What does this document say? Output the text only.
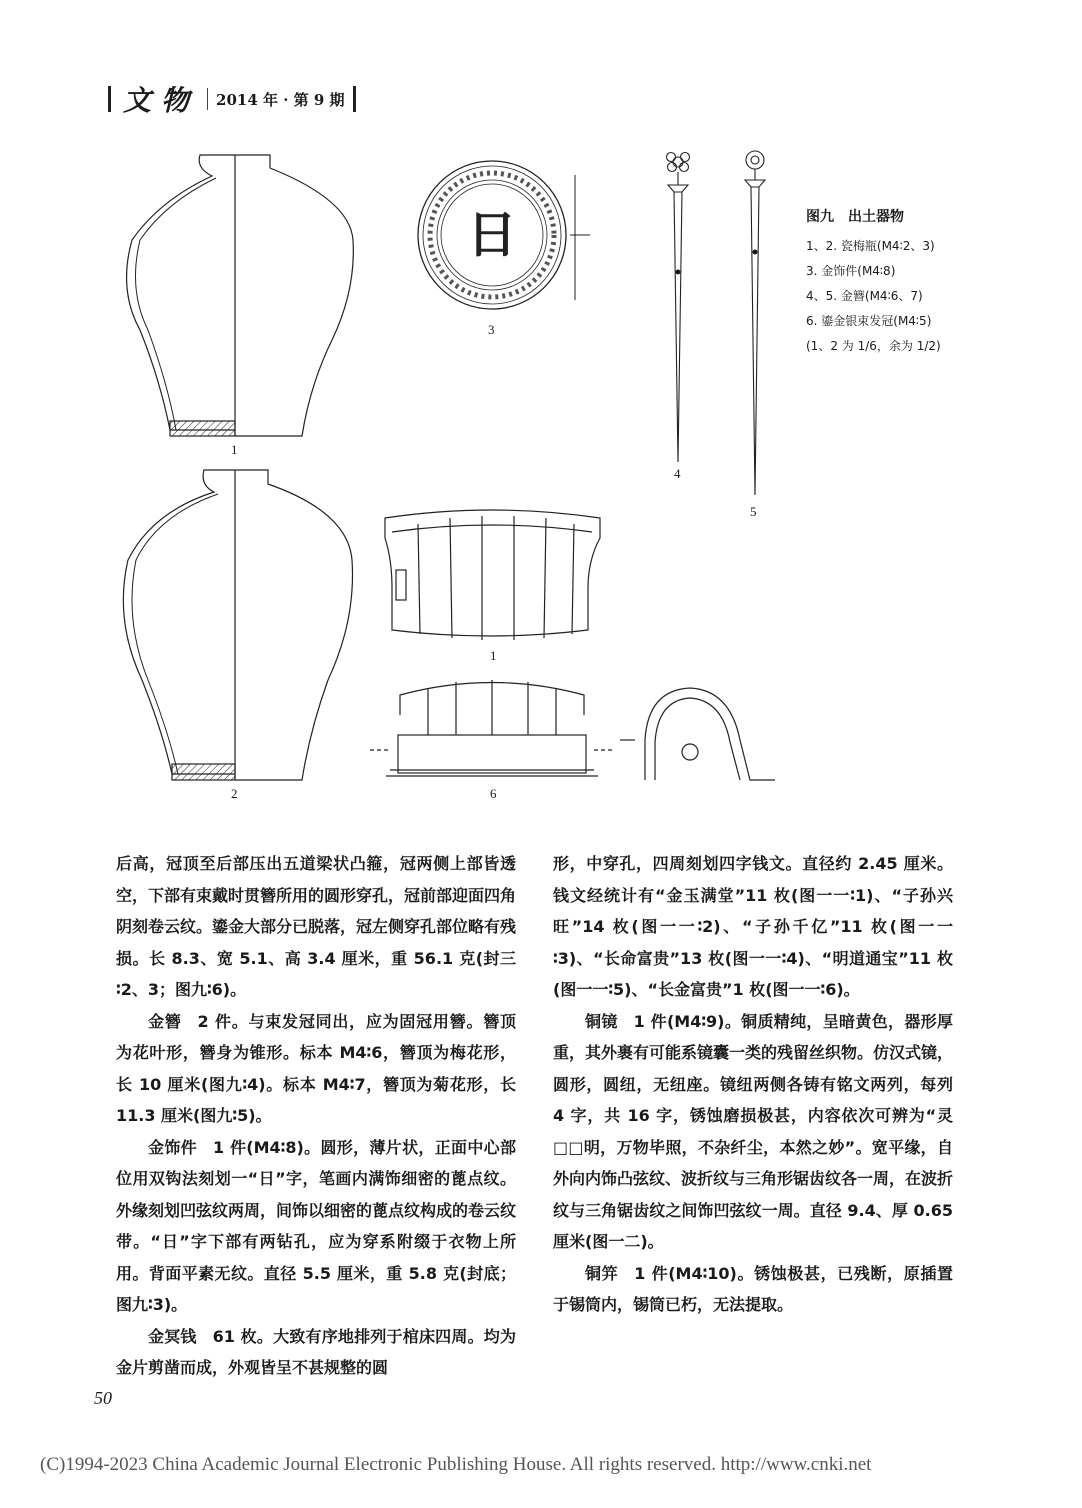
文物 2014 年 · 第 9 期
1
2
3
4
5
1
6
日	图九　出土器物
1、2. 瓷梅瓶(M4∶2、3)
3. 金饰件(M4∶8)
4、5. 金簪(M4∶6、7)
6. 鎏金银束发冠(M4∶5)
(1、2 为 1/6，余为 1/2)

后高，冠顶至后部压出五道梁状凸箍，冠两侧上部皆透空，下部有束戴时贯簪所用的圆形穿孔，冠前部迎面四角阴刻卷云纹。鎏金大部分已脱落，冠左侧穿孔部位略有残损。长 8.3、宽 5.1、高 3.4 厘米，重 56.1 克(封三∶2、3；图九∶6)。

金簪 2 件。与束发冠同出，应为固冠用簪。簪顶为花叶形，簪身为锥形。标本 M4∶6，簪顶为梅花形，长 10 厘米(图九∶4)。标本 M4∶7，簪顶为菊花形，长 11.3 厘米(图九∶5)。

金饰件 1 件(M4∶8)。圆形，薄片状，正面中心部位用双钩法刻划一“日”字，笔画内满饰细密的蓖点纹。外缘刻划凹弦纹两周，间饰以细密的蓖点纹构成的卷云纹带。“日”字下部有两钻孔，应为穿系附缀于衣物上所用。背面平素无纹。直径 5.5 厘米，重 5.8 克(封底；图九∶3)。

金冥钱 61 枚。大致有序地排列于棺床四周。均为金片剪凿而成，外观皆呈不甚规整的圆

形，中穿孔，四周刻划四字钱文。直径约 2.45 厘米。钱文经统计有“金玉满堂”11 枚(图一一∶1)、“子孙兴旺”14 枚(图一一∶2)、“子孙千亿”11 枚(图一一∶3)、“长命富贵”13 枚(图一一∶4)、“明道通宝”11 枚(图一一∶5)、“长金富贵”1 枚(图一一∶6)。

铜镜 1 件(M4∶9)。铜质精纯，呈暗黄色，器形厚重，其外裹有可能系镜囊一类的残留丝织物。仿汉式镜，圆形，圆纽，无纽座。镜纽两侧各铸有铭文两列，每列 4 字，共 16 字，锈蚀磨损极甚，内容依次可辨为“灵□□明，万物毕照，不杂纤尘，本然之妙”。宽平缘，自外向内饰凸弦纹、波折纹与三角形锯齿纹各一周，在波折纹与三角锯齿纹之间饰凹弦纹一周。直径 9.4、厚 0.65 厘米(图一二)。

铜笄 1 件(M4∶10)。锈蚀极甚，已残断，原插置于锡筒内，锡筒已朽，无法提取。

50
(C)1994-2023 China Academic Journal Electronic Publishing House. All rights reserved. http://www.cnki.net
